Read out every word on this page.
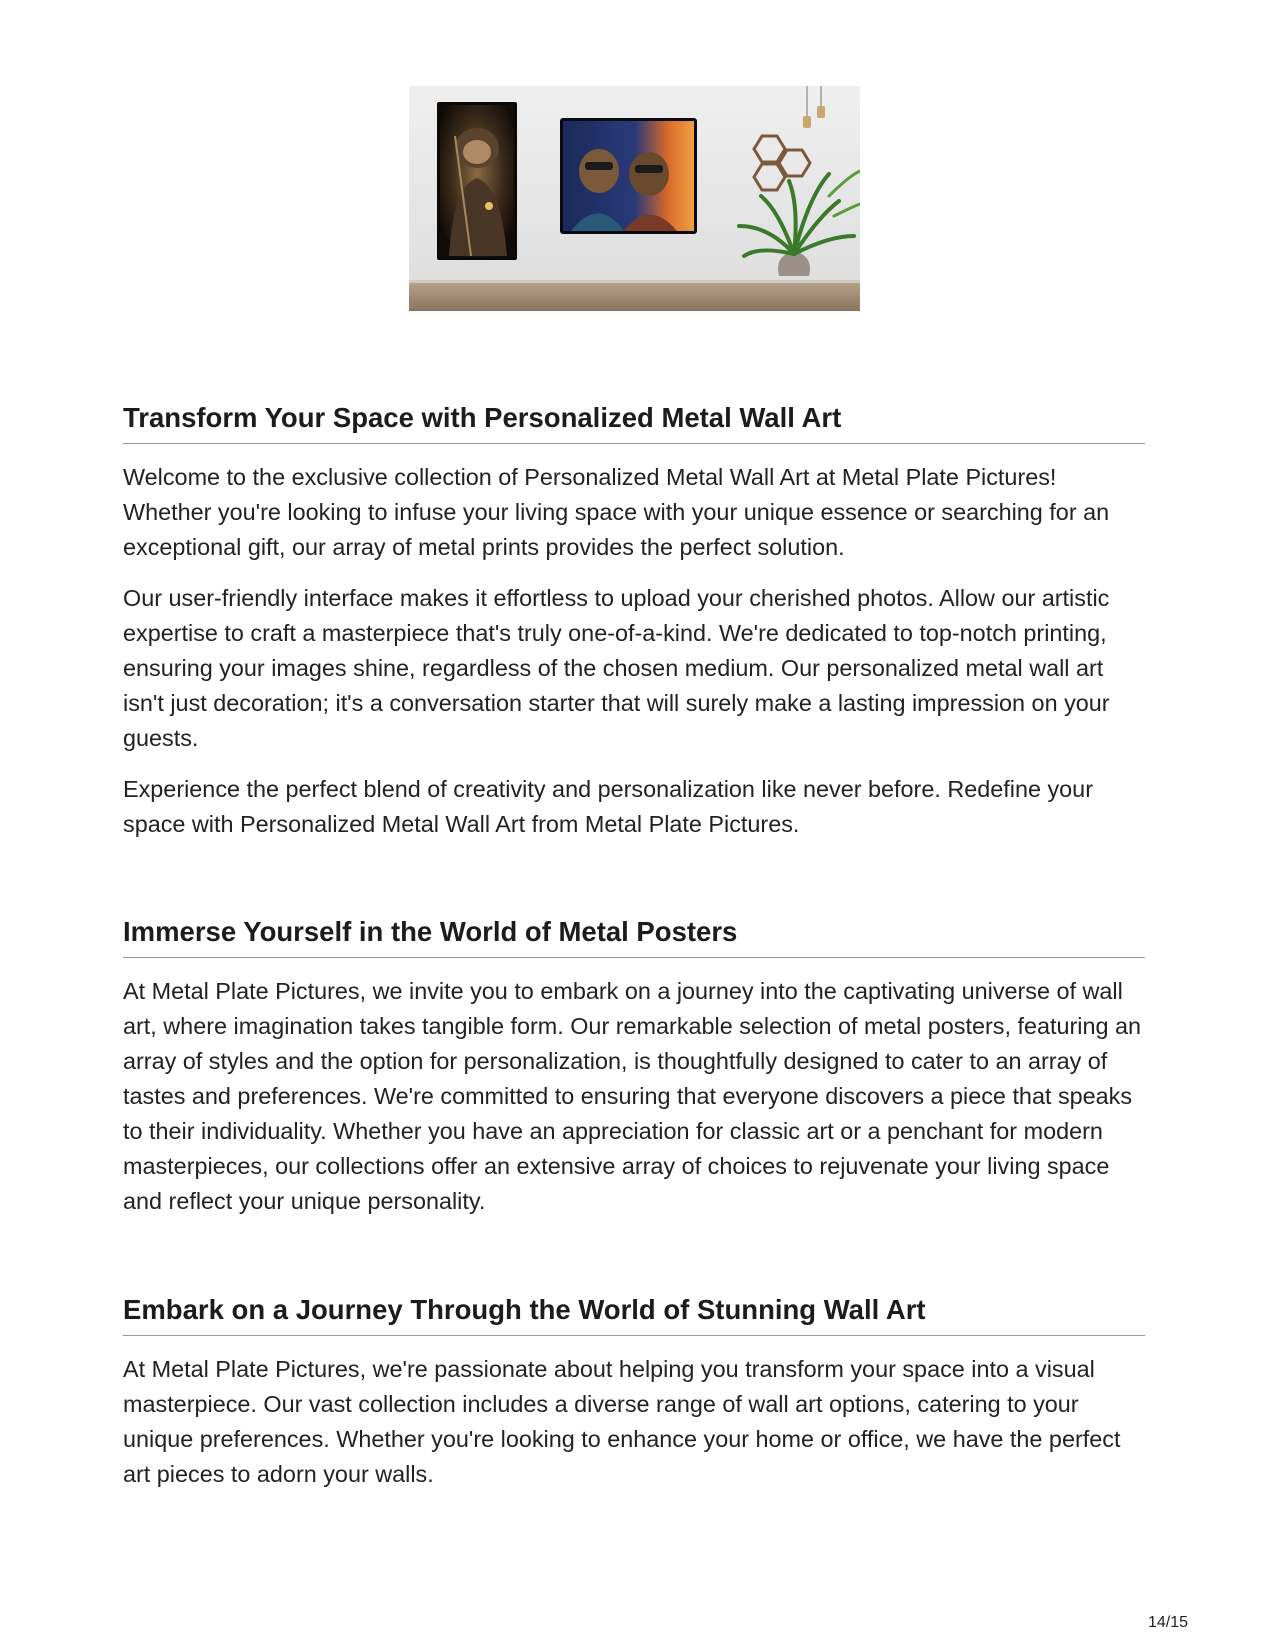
Transform Your Space with Personalized Metal Wall Art

Welcome to the exclusive collection of Personalized Metal Wall Art at Metal Plate Pictures! Whether you're looking to infuse your living space with your unique essence or searching for an exceptional gift, our array of metal prints provides the perfect solution.

Our user-friendly interface makes it effortless to upload your cherished photos. Allow our artistic expertise to craft a masterpiece that's truly one-of-a-kind. We're dedicated to top-notch printing, ensuring your images shine, regardless of the chosen medium. Our personalized metal wall art isn't just decoration; it's a conversation starter that will surely make a lasting impression on your guests.

Experience the perfect blend of creativity and personalization like never before. Redefine your space with Personalized Metal Wall Art from Metal Plate Pictures.

Immerse Yourself in the World of Metal Posters

At Metal Plate Pictures, we invite you to embark on a journey into the captivating universe of wall art, where imagination takes tangible form. Our remarkable selection of metal posters, featuring an array of styles and the option for personalization, is thoughtfully designed to cater to an array of tastes and preferences. We're committed to ensuring that everyone discovers a piece that speaks to their individuality. Whether you have an appreciation for classic art or a penchant for modern masterpieces, our collections offer an extensive array of choices to rejuvenate your living space and reflect your unique personality.

Embark on a Journey Through the World of Stunning Wall Art

At Metal Plate Pictures, we're passionate about helping you transform your space into a visual masterpiece. Our vast collection includes a diverse range of wall art options, catering to your unique preferences. Whether you're looking to enhance your home or office, we have the perfect art pieces to adorn your walls.

14/15
